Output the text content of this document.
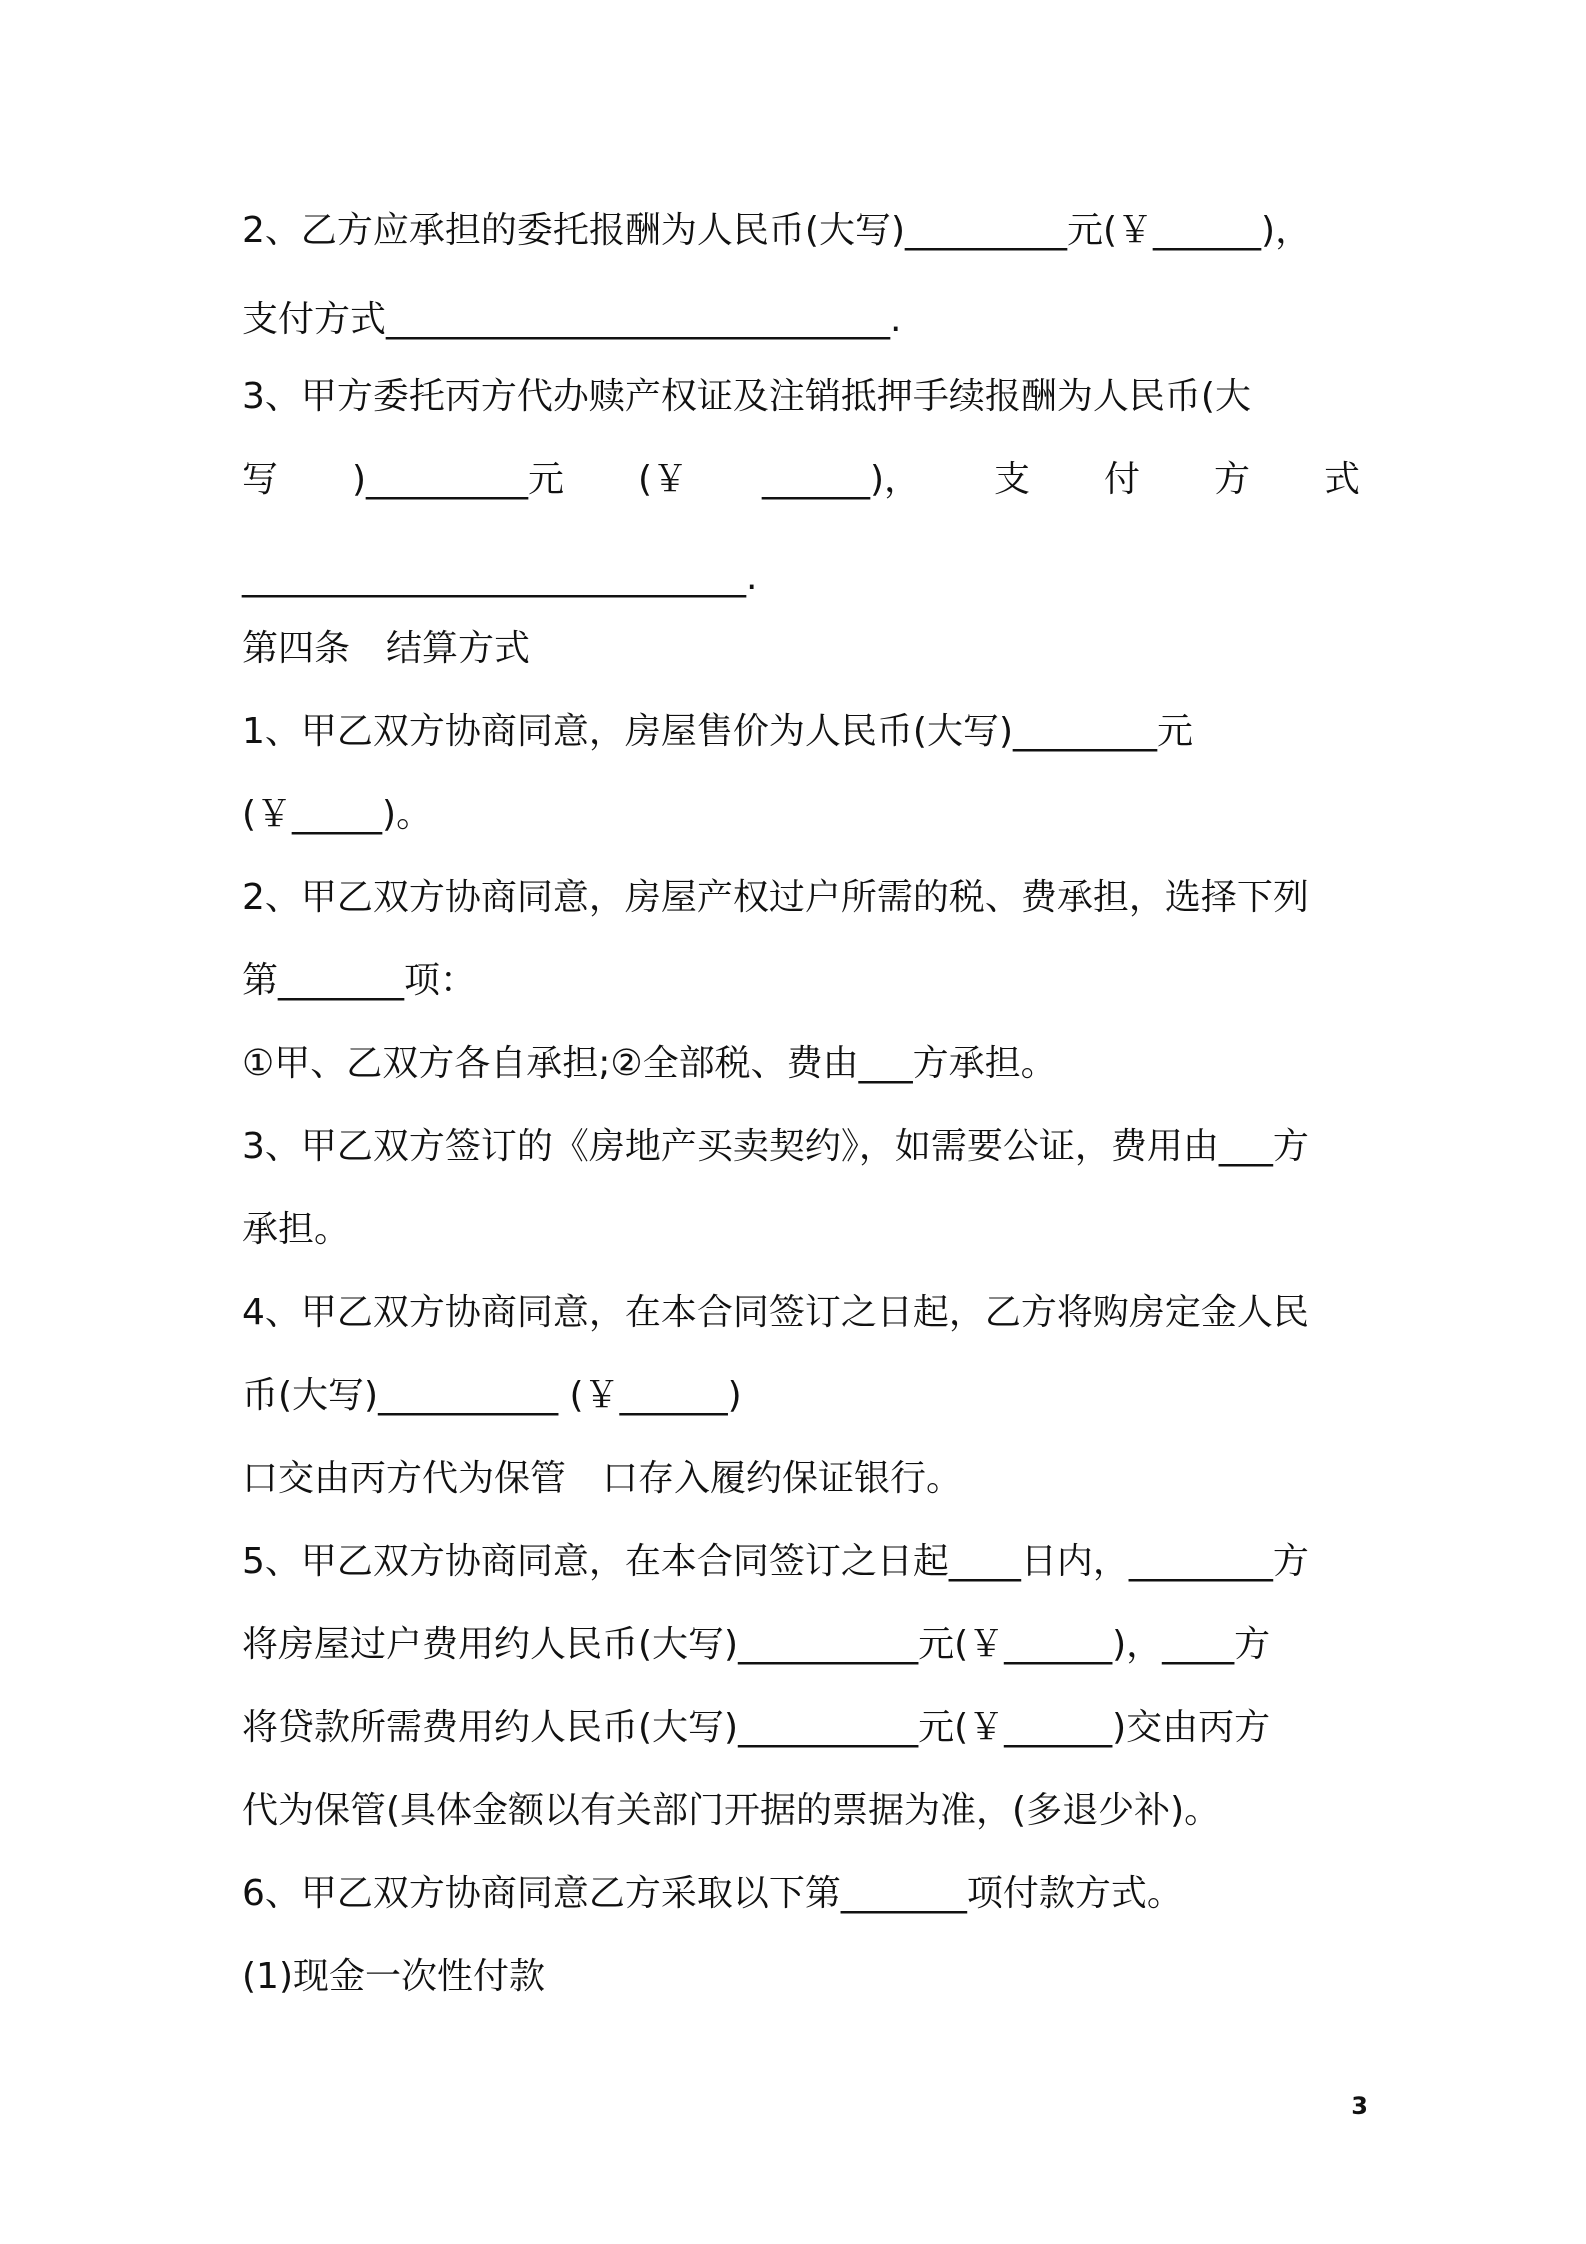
2、乙方应承担的委托报酬为人民币(大写)_________元(￥______)，
支付方式____________________________.
3、甲方委托丙方代办赎产权证及注销抵押手续报酬为人民币(大
写 )_________元 (￥ ______)， 支 付 方 式
____________________________.
第四条　结算方式
1、甲乙双方协商同意，房屋售价为人民币(大写)________元
(￥_____)。
2、甲乙双方协商同意，房屋产权过户所需的税、费承担，选择下列
第_______项：
①甲、乙双方各自承担;②全部税、费由___方承担。
3、甲乙双方签订的《房地产买卖契约》，如需要公证，费用由___方
承担。
4、甲乙双方协商同意，在本合同签订之日起，乙方将购房定金人民
币(大写)__________ (￥______)
口交由丙方代为保管　口存入履约保证银行。
5、甲乙双方协商同意，在本合同签订之日起____日内，________方
将房屋过户费用约人民币(大写)__________元(￥______)，____方
将贷款所需费用约人民币(大写)__________元(￥______)交由丙方
代为保管(具体金额以有关部门开据的票据为准，(多退少补)。
6、甲乙双方协商同意乙方采取以下第_______项付款方式。
(1)现金一次性付款
3
